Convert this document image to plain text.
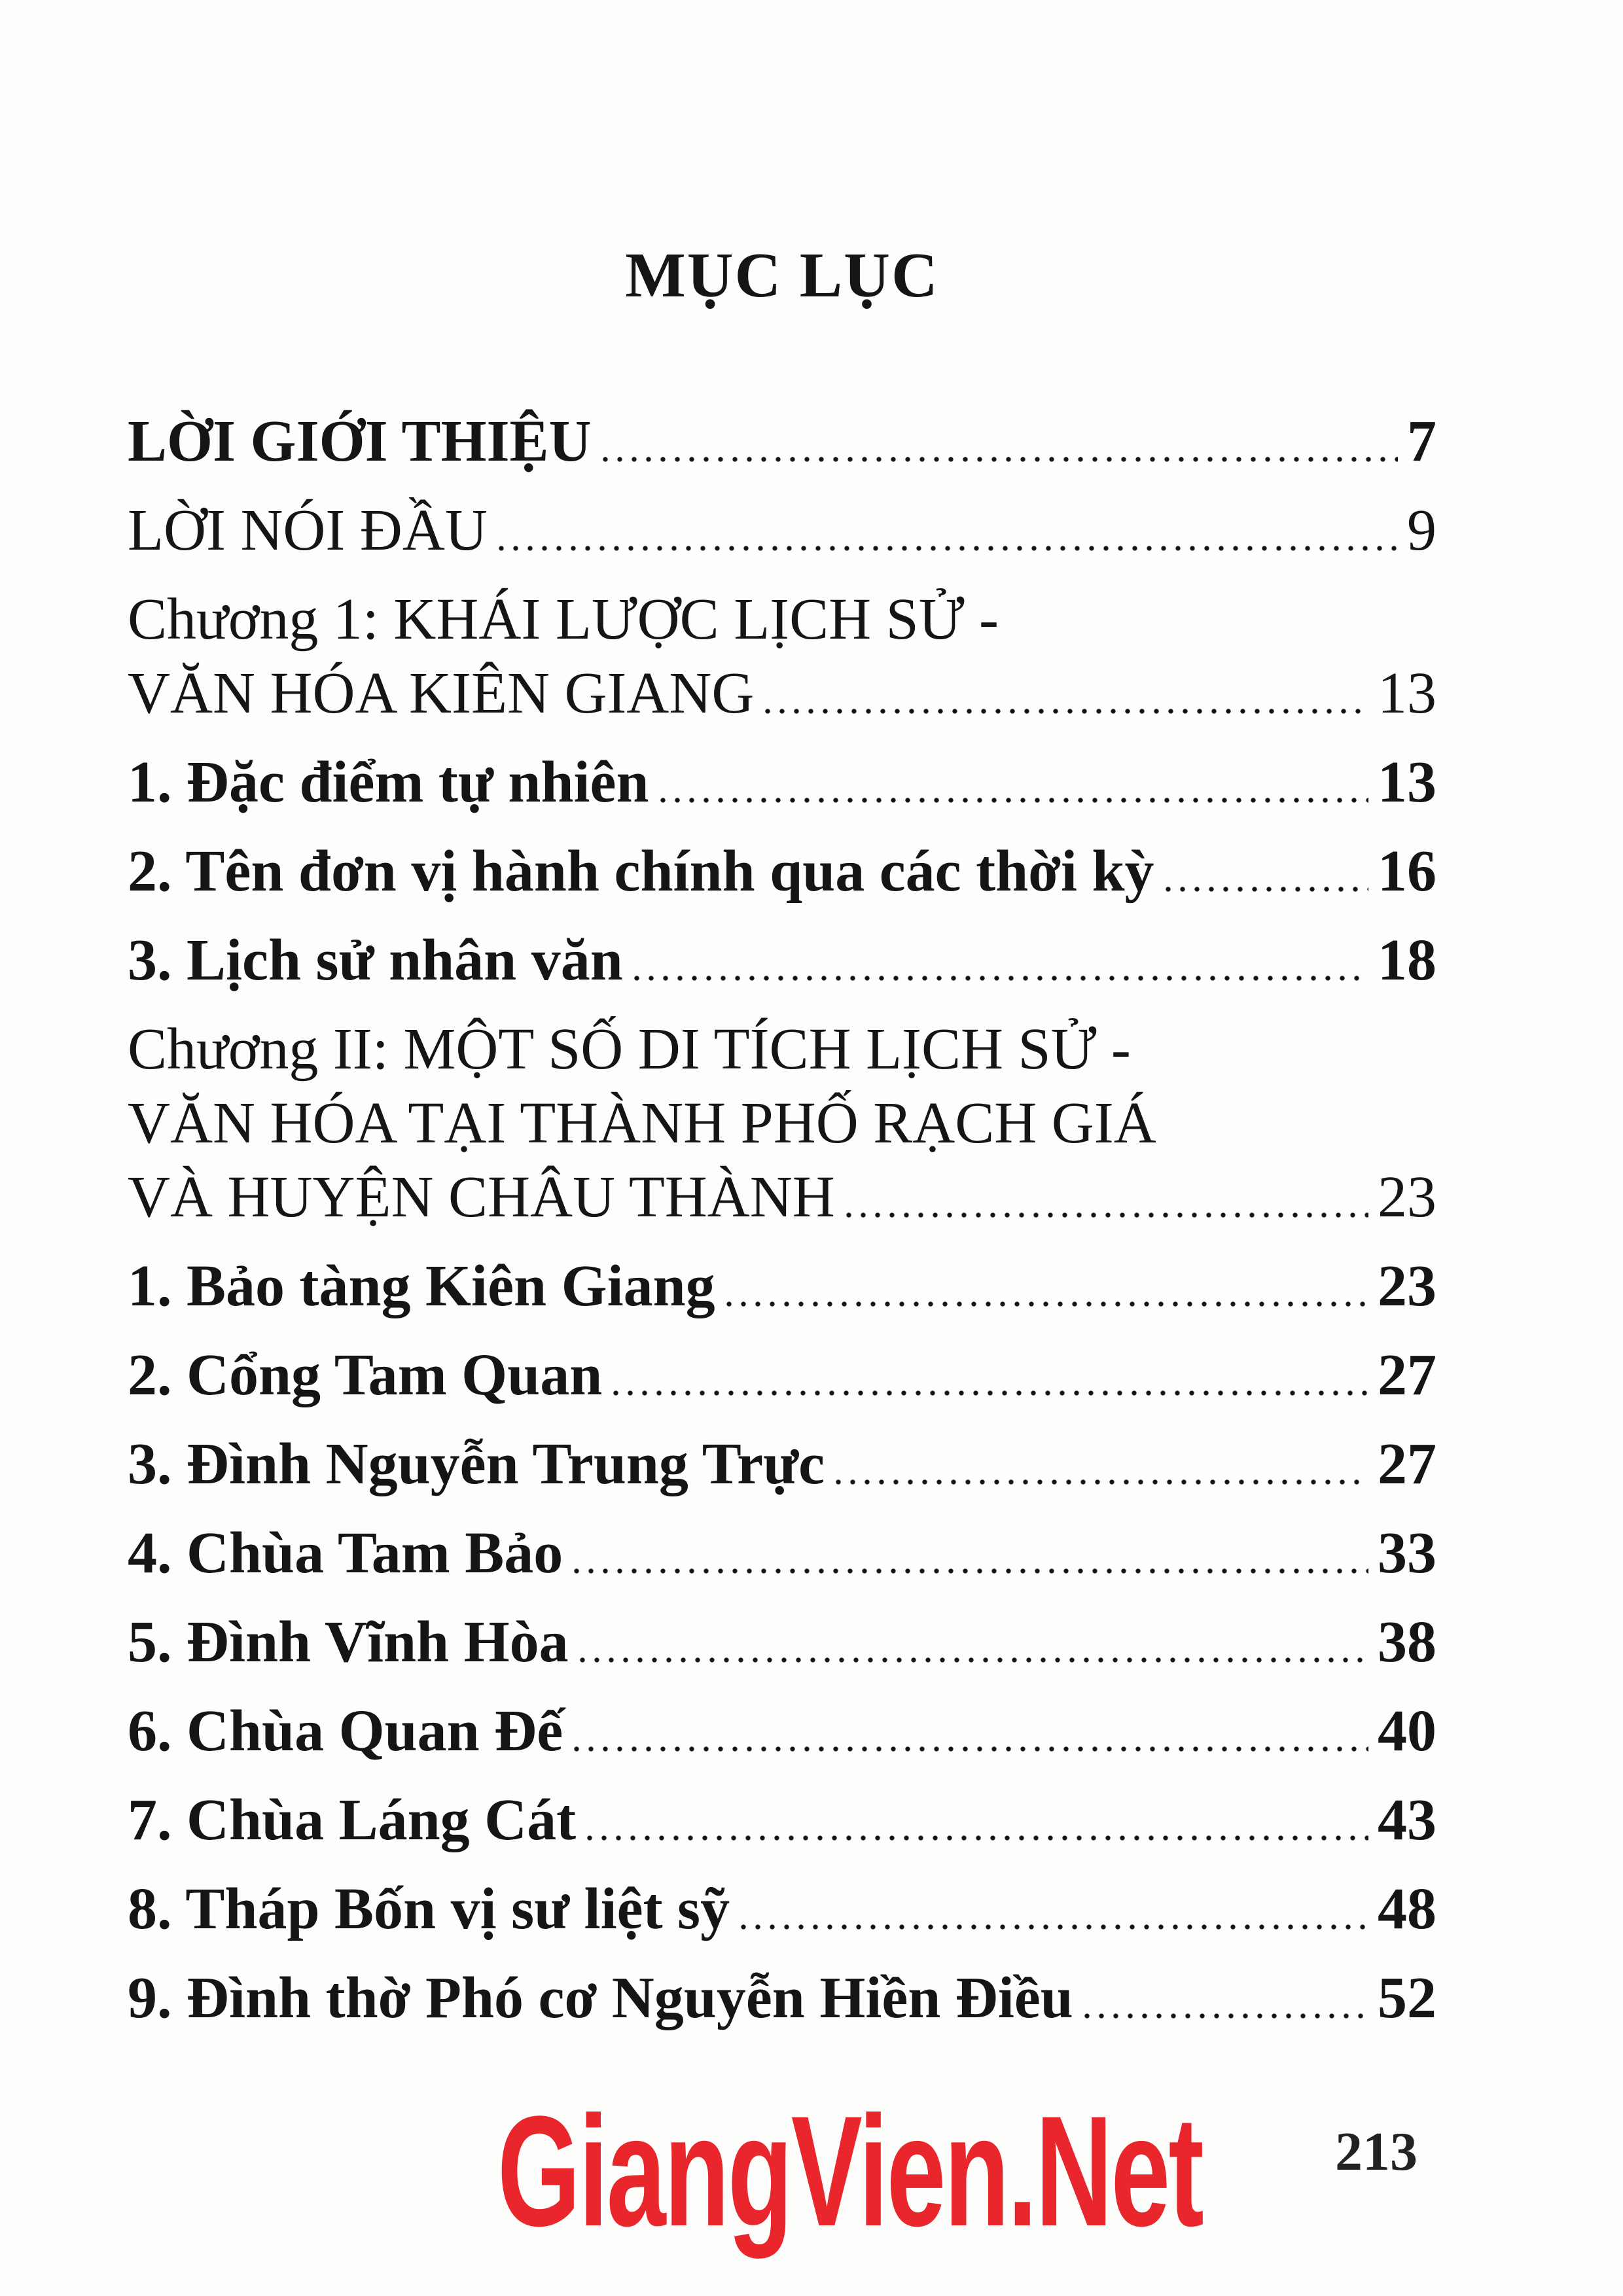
MỤC LỤC
LỜI GIỚI THIỆU	7
LỜI NÓI ĐẦU	9
Chương 1: KHÁI LƯỢC LỊCH SỬ -
VĂN HÓA KIÊN GIANG	13
1. Đặc điểm tự nhiên	13
2. Tên đơn vị hành chính qua các thời kỳ	16
3. Lịch sử nhân văn	18
Chương II: MỘT SỐ DI TÍCH LỊCH SỬ -
VĂN HÓA TẠI THÀNH PHỐ RẠCH GIÁ
VÀ HUYỆN CHÂU THÀNH	23
1. Bảo tàng Kiên Giang	23
2. Cổng Tam Quan	27
3. Đình Nguyễn Trung Trực	27
4. Chùa Tam Bảo	33
5. Đình Vĩnh Hòa	38
6. Chùa Quan Đế	40
7. Chùa Láng Cát	43
8. Tháp Bốn vị sư liệt sỹ	48
9. Đình thờ Phó cơ Nguyễn Hiền Điều	52
GiangVien.Net 213
